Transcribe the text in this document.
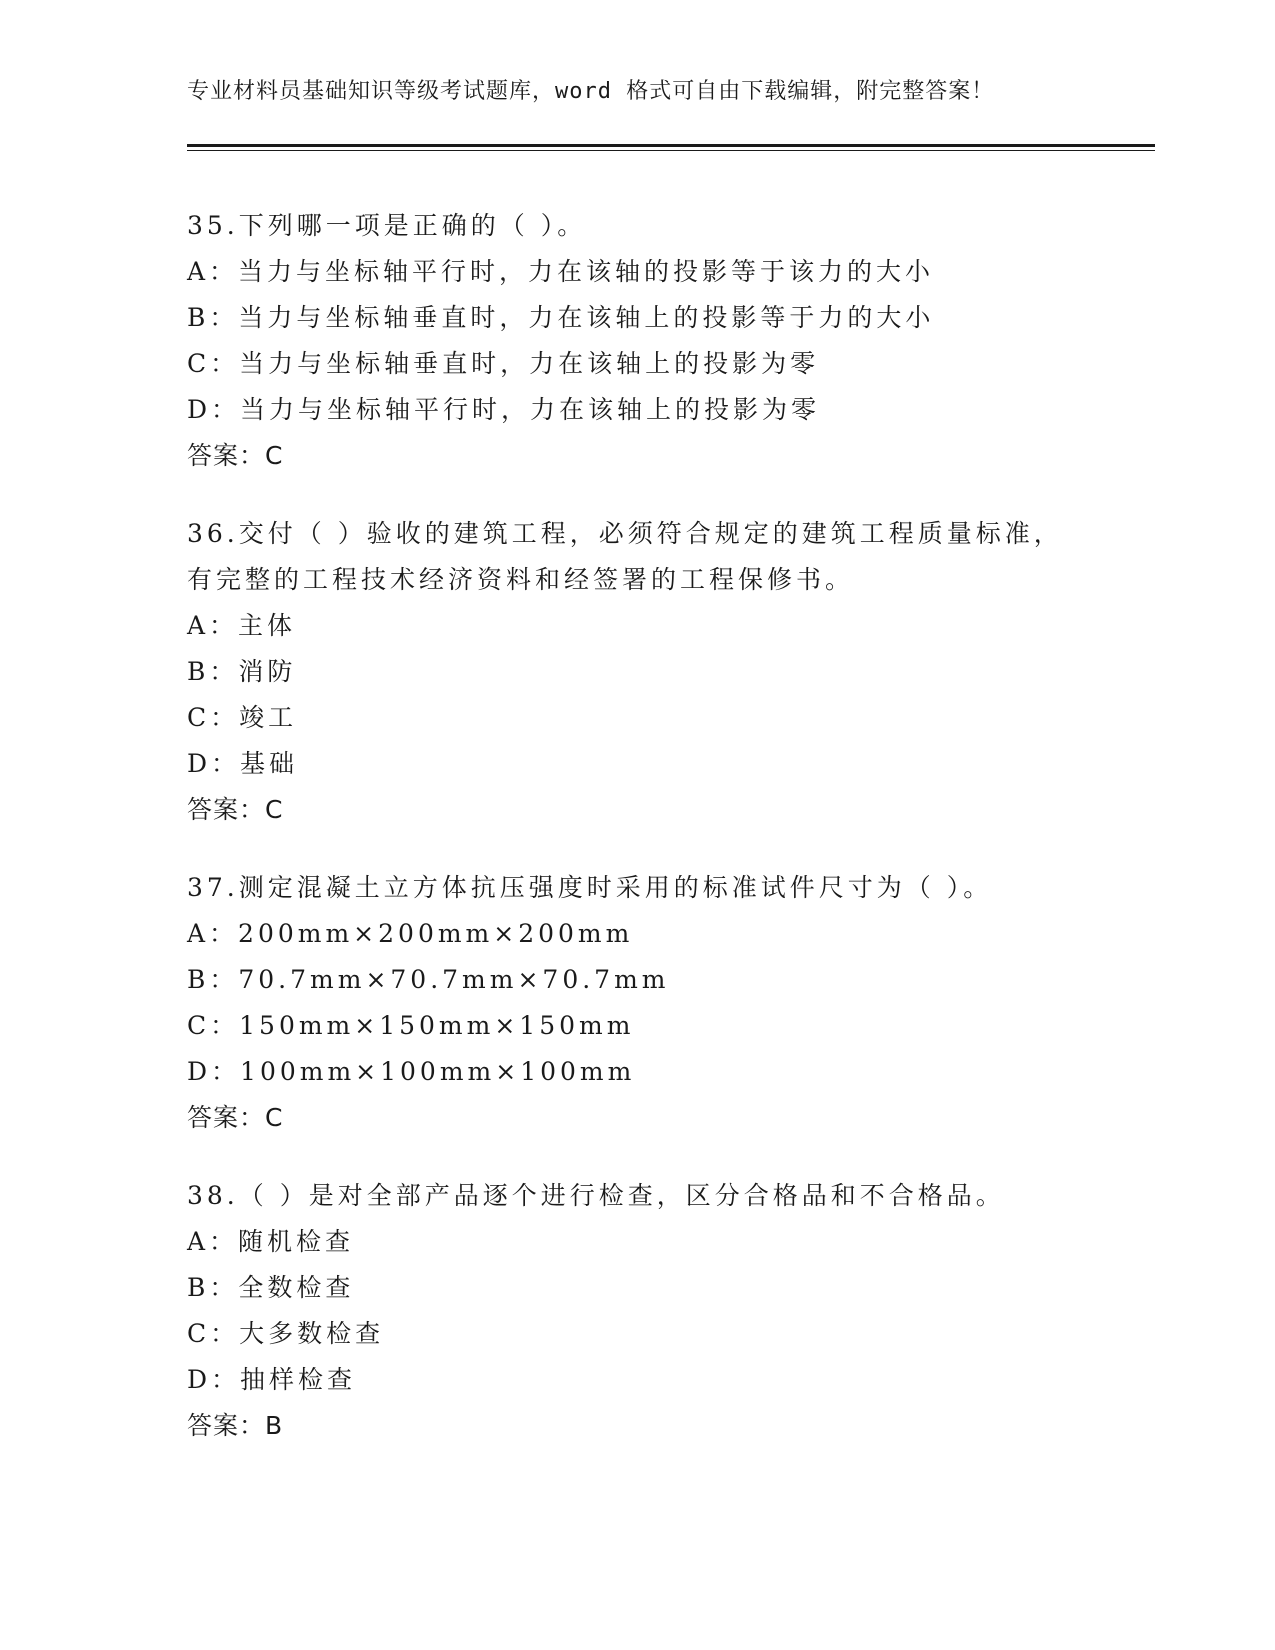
专业材料员基础知识等级考试题库，word 格式可自由下载编辑，附完整答案！
35.下列哪一项是正确的（ ）。
A：当力与坐标轴平行时，力在该轴的投影等于该力的大小
B：当力与坐标轴垂直时，力在该轴上的投影等于力的大小
C：当力与坐标轴垂直时，力在该轴上的投影为零
D：当力与坐标轴平行时，力在该轴上的投影为零
答案：C
36.交付（ ）验收的建筑工程，必须符合规定的建筑工程质量标准，
有完整的工程技术经济资料和经签署的工程保修书。
A：主体
B：消防
C：竣工
D：基础
答案：C
37.测定混凝土立方体抗压强度时采用的标准试件尺寸为（ ）。
A：200mm×200mm×200mm
B：70.7mm×70.7mm×70.7mm
C：150mm×150mm×150mm
D：100mm×100mm×100mm
答案：C
38.（ ）是对全部产品逐个进行检查，区分合格品和不合格品。
A：随机检查
B：全数检查
C：大多数检查
D：抽样检查
答案：B
